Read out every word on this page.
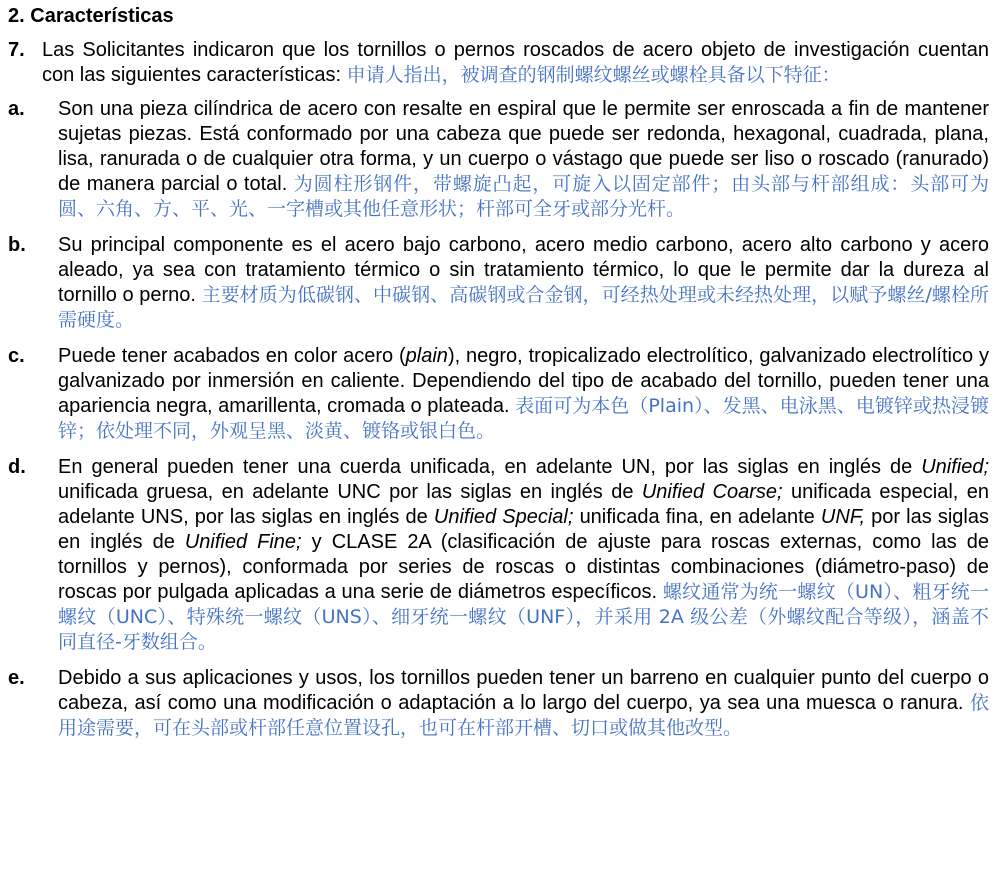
2. Características
7. Las Solicitantes indicaron que los tornillos o pernos roscados de acero objeto de investigación cuentan con las siguientes características: 申请人指出，被调查的钢制螺纹螺丝或螺栓具备以下特征：
a.	Son una pieza cilíndrica de acero con resalte en espiral que le permite ser enroscada a fin de mantener sujetas piezas. Está conformado por una cabeza que puede ser redonda, hexagonal, cuadrada, plana, lisa, ranurada o de cualquier otra forma, y un cuerpo o vástago que puede ser liso o roscado (ranurado) de manera parcial o total. 为圆柱形钢件，带螺旋凸起，可旋入以固定部件；由头部与杆部组成：头部可为圆、六角、方、平、光、一字槽或其他任意形状；杆部可全牙或部分光杆。
b.	Su principal componente es el acero bajo carbono, acero medio carbono, acero alto carbono y acero aleado, ya sea con tratamiento térmico o sin tratamiento térmico, lo que le permite dar la dureza al tornillo o perno. 主要材质为低碳钢、中碳钢、高碳钢或合金钢，可经热处理或未经热处理，以赋予螺丝/螺栓所需硬度。
c.	Puede tener acabados en color acero (plain), negro, tropicalizado electrolítico, galvanizado electrolítico y galvanizado por inmersión en caliente. Dependiendo del tipo de acabado del tornillo, pueden tener una apariencia negra, amarillenta, cromada o plateada. 表面可为本色（Plain）、发黑、电泳黑、电镀锌或热浸镀锌；依处理不同，外观呈黑、淡黄、镀铬或银白色。
d.	En general pueden tener una cuerda unificada, en adelante UN, por las siglas en inglés de Unified; unificada gruesa, en adelante UNC por las siglas en inglés de Unified Coarse; unificada especial, en adelante UNS, por las siglas en inglés de Unified Special; unificada fina, en adelante UNF, por las siglas en inglés de Unified Fine; y CLASE 2A (clasificación de ajuste para roscas externas, como las de tornillos y pernos), conformada por series de roscas o distintas combinaciones (diámetro-paso) de roscas por pulgada aplicadas a una serie de diámetros específicos. 螺纹通常为统一螺纹（UN）、粗牙统一螺纹（UNC）、特殊统一螺纹（UNS）、细牙统一螺纹（UNF），并采用 2A 级公差（外螺纹配合等级），涵盖不同直径-牙数组合。
e.	Debido a sus aplicaciones y usos, los tornillos pueden tener un barreno en cualquier punto del cuerpo o cabeza, así como una modificación o adaptación a lo largo del cuerpo, ya sea una muesca o ranura. 依用途需要，可在头部或杆部任意位置设孔，也可在杆部开槽、切口或做其他改型。
